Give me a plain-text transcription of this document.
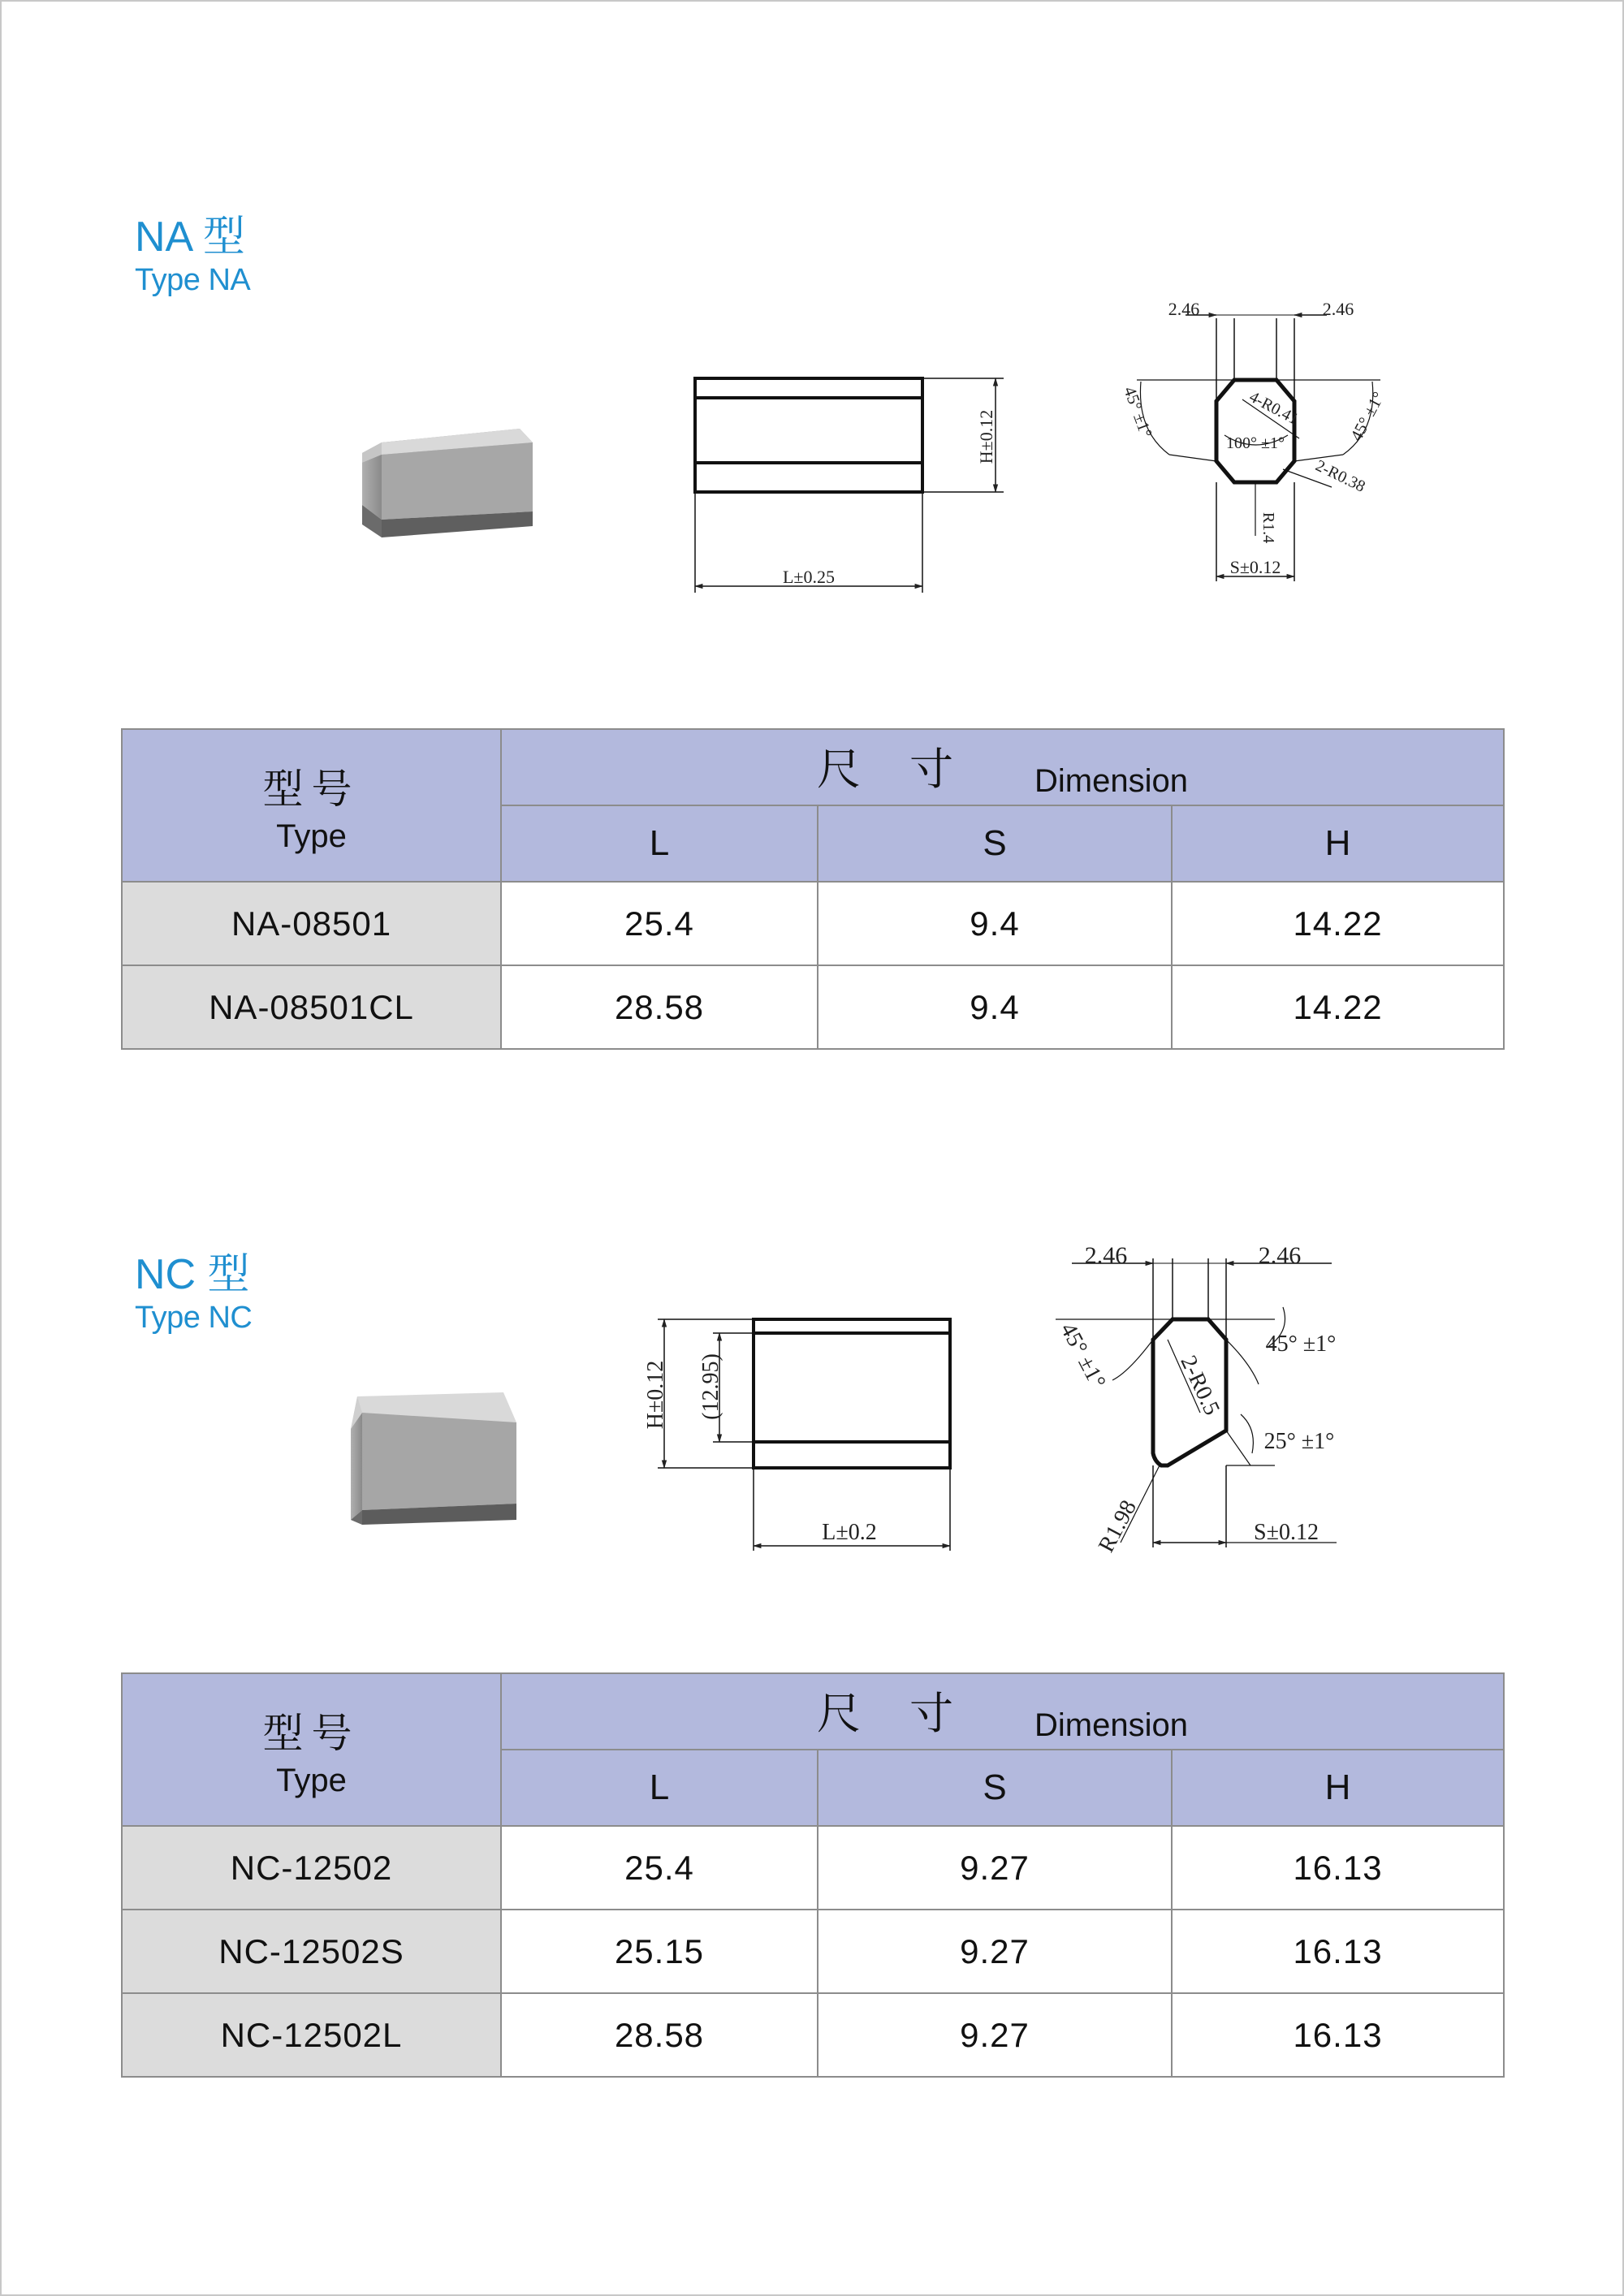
NA 型
Type NA
NC 型
Type NC
H±0.12
L±0.25
2.46	2.46
45° ±1°	45° ±1°
4-R0.41
100° ±1°
2-R0.38
R1.4
S±0.12
H±0.12 (12.95)
L±0.2
2.46	2.46
45° ±1°	45° ±1°
2-R0.5
25° ±1°
R1.98	S±0.12
型号
Type	尺寸 Dimension		
	L	S	H
NA-08501	25.4	9.4	14.22
NA-08501CL	28.58	9.4	14.22
型号
Type	尺寸 Dimension		
	L	S	H
NC-12502	25.4	9.27	16.13
NC-12502S	25.15	9.27	16.13
NC-12502L	28.58	9.27	16.13
